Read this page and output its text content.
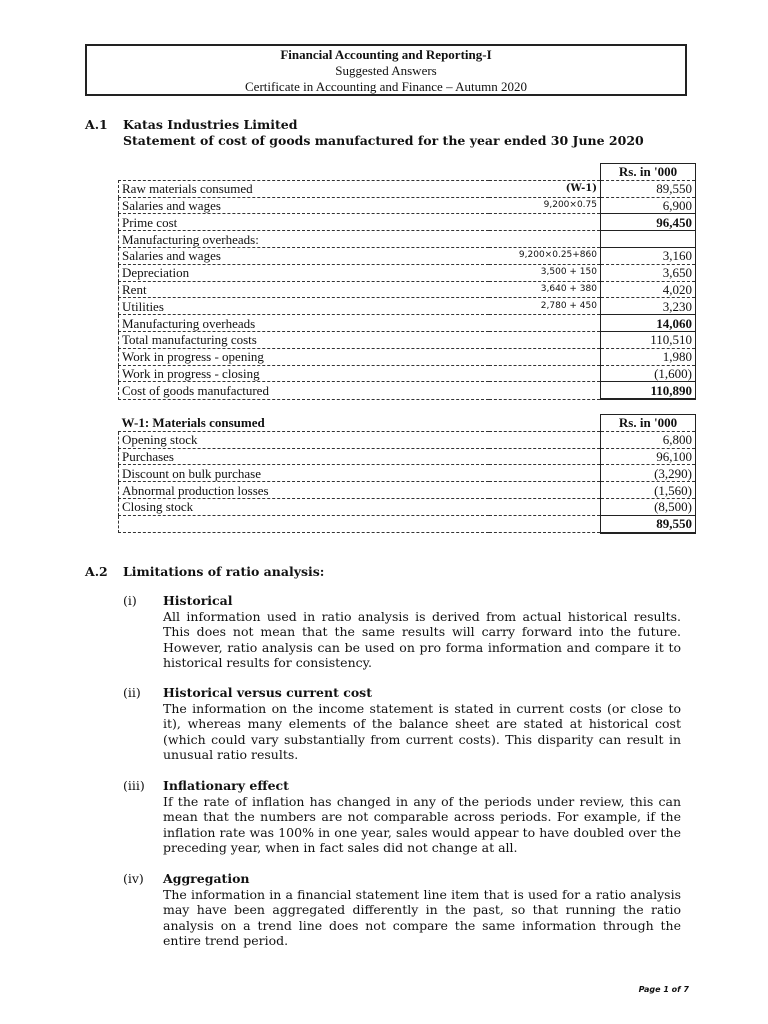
Financial Accounting and Reporting-I
Suggested Answers
Certificate in Accounting and Finance – Autumn 2020
A.1 Katas Industries Limited
Statement of cost of goods manufactured for the year ended 30 June 2020
		Rs. in '000
Raw materials consumed	(W-1)	89,550
Salaries and wages	9,200×0.75	6,900
Prime cost		96,450
Manufacturing overheads:		
Salaries and wages	9,200×0.25+860	3,160
Depreciation	3,500 + 150	3,650
Rent	3,640 + 380	4,020
Utilities	2,780 + 450	3,230
Manufacturing overheads		14,060
Total manufacturing costs		110,510
Work in progress - opening		1,980
Work in progress - closing		(1,600)
Cost of goods manufactured		110,890
W-1: Materials consumed		Rs. in '000
Opening stock		6,800
Purchases		96,100
Discount on bulk purchase		(3,290)
Abnormal production losses		(1,560)
Closing stock		(8,500)
		89,550
A.2 Limitations of ratio analysis:
(i) Historical
All information used in ratio analysis is derived from actual historical results. This does not mean that the same results will carry forward into the future. However, ratio analysis can be used on pro forma information and compare it to historical results for consistency.
(ii) Historical versus current cost
The information on the income statement is stated in current costs (or close to it), whereas many elements of the balance sheet are stated at historical cost (which could vary substantially from current costs). This disparity can result in unusual ratio results.
(iii) Inflationary effect
If the rate of inflation has changed in any of the periods under review, this can mean that the numbers are not comparable across periods. For example, if the inflation rate was 100% in one year, sales would appear to have doubled over the preceding year, when in fact sales did not change at all.
(iv) Aggregation
The information in a financial statement line item that is used for a ratio analysis may have been aggregated differently in the past, so that running the ratio analysis on a trend line does not compare the same information through the entire trend period.
Page 1 of 7
